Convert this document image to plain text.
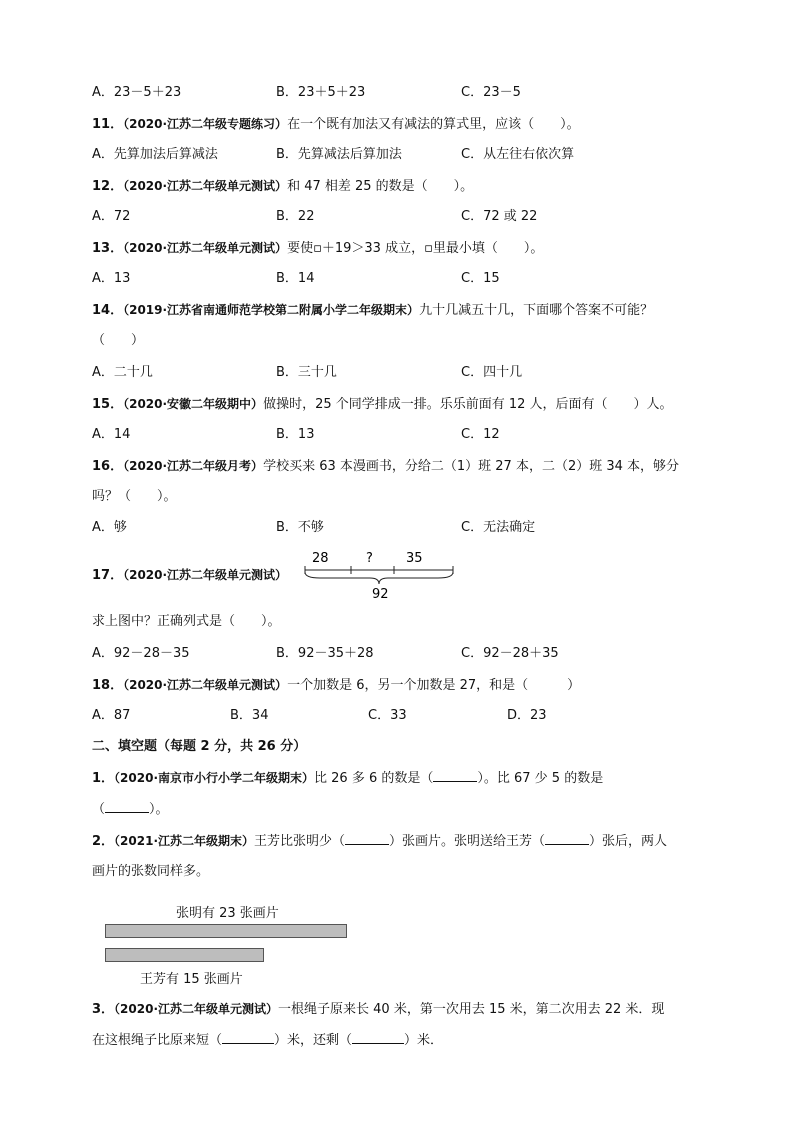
A．23－5＋23	B．23＋5＋23	C．23－5
11．（2020·江苏二年级专题练习）在一个既有加法又有减法的算式里，应该（　　）。
A．先算加法后算减法	B．先算减法后算加法	C．从左往右依次算
12．（2020·江苏二年级单元测试）和 47 相差 25 的数是（　　）。
A．72	B．22	C．72 或 22
13．（2020·江苏二年级单元测试）要使▫＋19＞33 成立，▫里最小填（　　）。
A．13	B．14	C．15
14．（2019·江苏省南通师范学校第二附属小学二年级期末）九十几减五十几，下面哪个答案不可能？
（　　）
A．二十几	B．三十几	C．四十几
15．（2020·安徽二年级期中）做操时，25 个同学排成一排。乐乐前面有 12 人，后面有（　　）人。
A．14	B．13	C．12
16．（2020·江苏二年级月考）学校买来 63 本漫画书，分给二（1）班 27 本，二（2）班 34 本，够分
吗？（　　）。
A．够	B．不够	C．无法确定
17．（2020·江苏二年级单元测试）
28	?	35
92
求上图中？正确列式是（　　）。
A．92－28－35	B．92－35＋28	C．92－28＋35
18．（2020·江苏二年级单元测试）一个加数是 6，另一个加数是 27，和是（　　　）
A．87	B．34	C．33	D．23
二、填空题（每题 2 分，共 26 分）
1．（2020·南京市小行小学二年级期末）比 26 多 6 的数是（	）。比 67 少 5 的数是
（	）。
2．（2021·江苏二年级期末）王芳比张明少（	）张画片。张明送给王芳（	）张后，两人
画片的张数同样多。
张明有 23 张画片
王芳有 15 张画片
3．（2020·江苏二年级单元测试）一根绳子原来长 40 米，第一次用去 15 米，第二次用去 22 米．现
在这根绳子比原来短（	）米，还剩（	）米．
